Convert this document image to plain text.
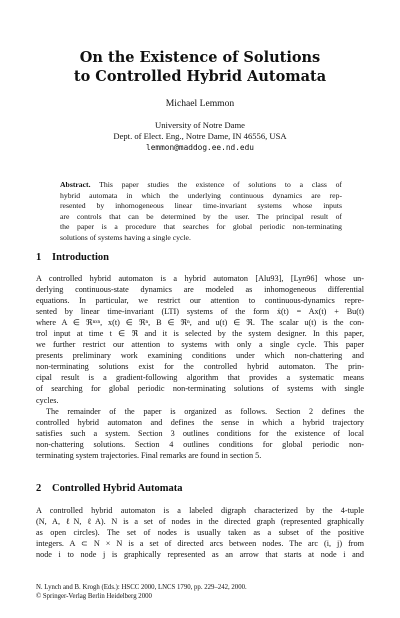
On the Existence of Solutions
to Controlled Hybrid Automata
Michael Lemmon
University of Notre Dame
Dept. of Elect. Eng., Notre Dame, IN 46556, USA
lemmon@maddog.ee.nd.edu
Abstract. This paper studies the existence of solutions to a class of
hybrid automata in which the underlying continuous dynamics are rep-
resented by inhomogeneous linear time-invariant systems whose inputs
are controls that can be determined by the user. The principal result of
the paper is a procedure that searches for global periodic non-terminating
solutions of systems having a single cycle.
1 Introduction
A controlled hybrid automaton is a hybrid automaton [Alu93], [Lyn96] whose un-
derlying continuous-state dynamics are modeled as inhomogeneous differential
equations. In particular, we restrict our attention to continuous-dynamics repre-
sented by linear time-invariant (LTI) systems of the form ẋ(t) = Ax(t) + Bu(t)
where A ∈ ℜⁿˣⁿ, x(t) ∈ ℜⁿ, B ∈ ℜⁿ, and u(t) ∈ ℜ. The scalar u(t) is the con-
trol input at time t ∈ ℜ and it is selected by the system designer. In this paper,
we further restrict our attention to systems with only a single cycle. This paper
presents preliminary work examining conditions under which non-chattering and
non-terminating solutions exist for the controlled hybrid automaton. The prin-
cipal result is a gradient-following algorithm that provides a systematic means
of searching for global periodic non-terminating solutions of systems with single
cycles.
The remainder of the paper is organized as follows. Section 2 defines the
controlled hybrid automaton and defines the sense in which a hybrid trajectory
satisfies such a system. Section 3 outlines conditions for the existence of local
non-chattering solutions. Section 4 outlines conditions for global periodic non-
terminating system trajectories. Final remarks are found in section 5.
2 Controlled Hybrid Automata
A controlled hybrid automaton is a labeled digraph characterized by the 4-tuple
(N, A, ℓN, ℓA). N is a set of nodes in the directed graph (represented graphically
as open circles). The set of nodes is usually taken as a subset of the positive
integers. A ⊂ N × N is a set of directed arcs between nodes. The arc (i, j) from
node i to node j is graphically represented as an arrow that starts at node i and
N. Lynch and B. Krogh (Eds.): HSCC 2000, LNCS 1790, pp. 229–242, 2000.
© Springer-Verlag Berlin Heidelberg 2000
